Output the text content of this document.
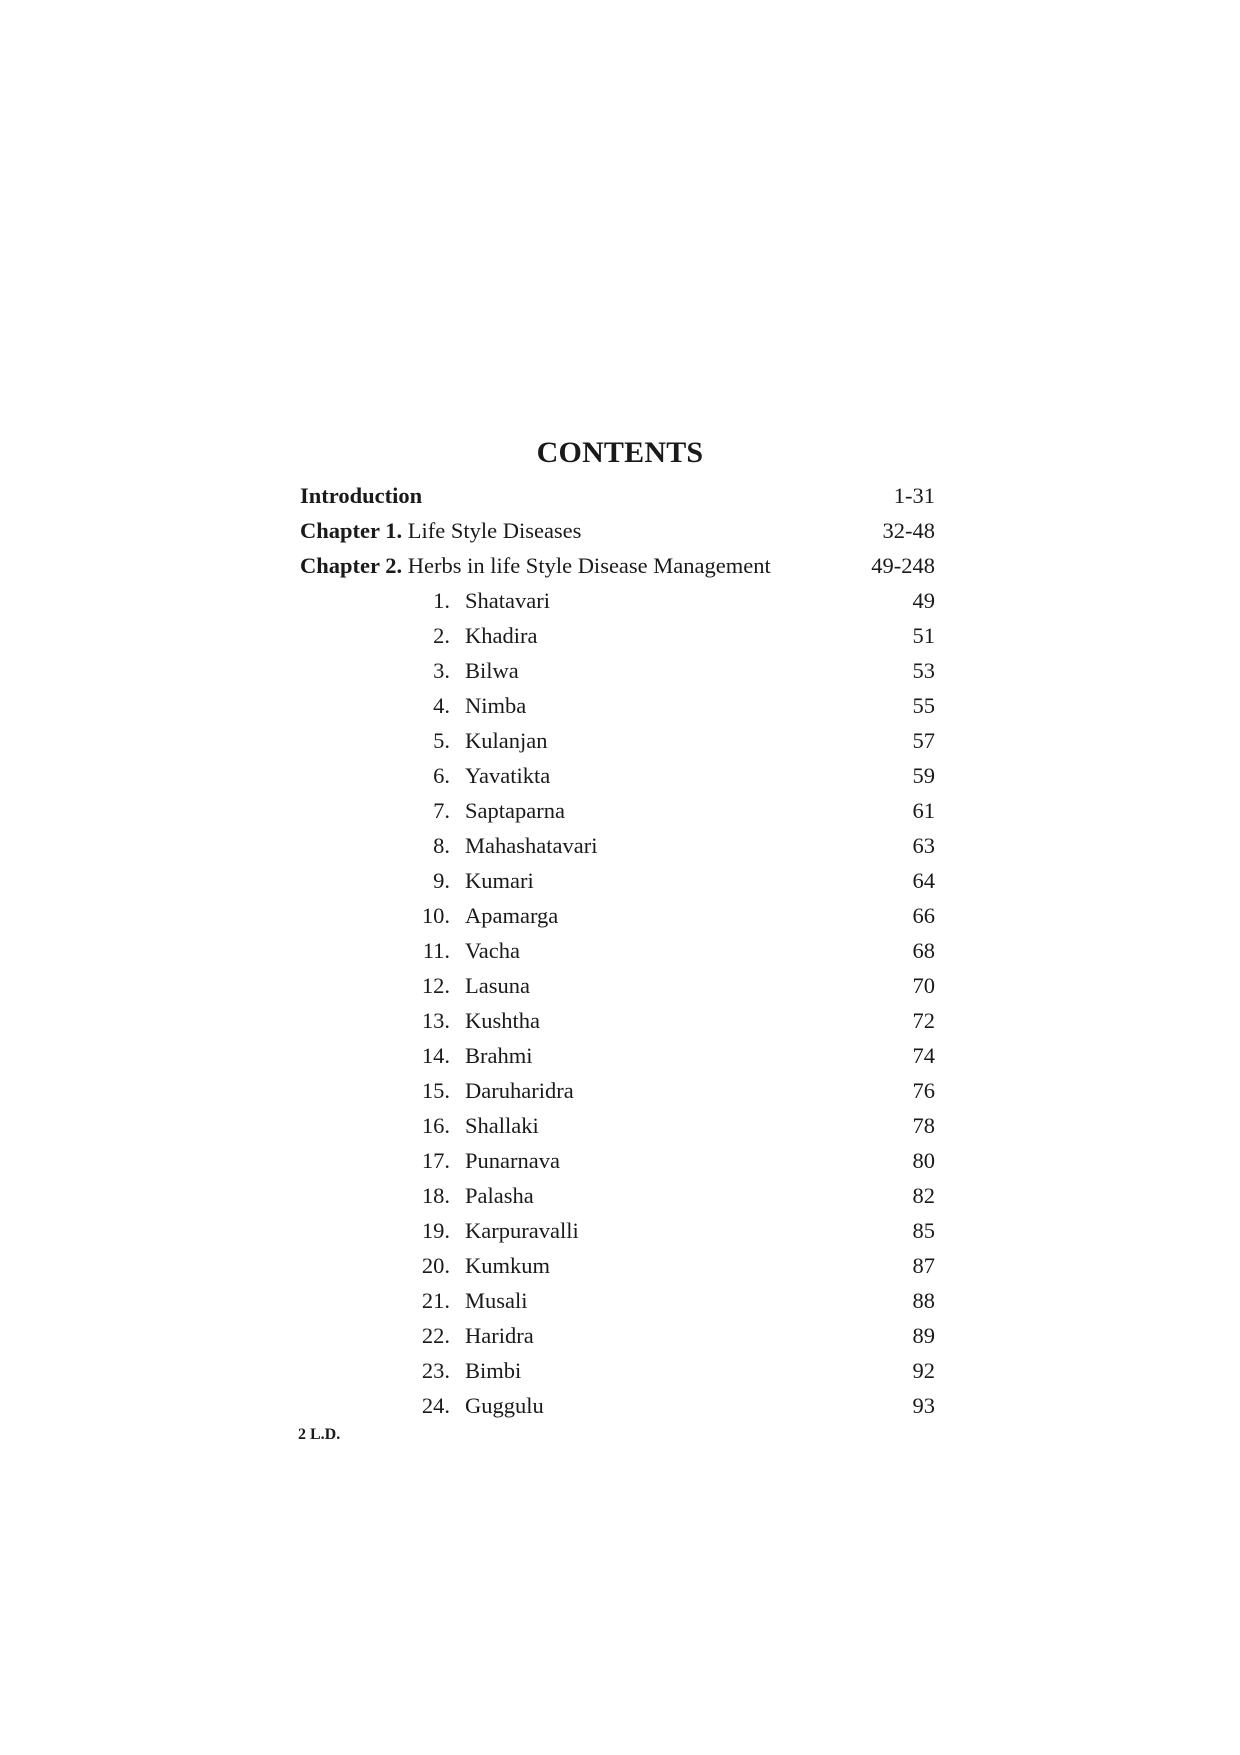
CONTENTS
Introduction	1-31
Chapter 1. Life Style Diseases	32-48
Chapter 2. Herbs in life Style Disease Management	49-248
1. Shatavari	49
2. Khadira	51
3. Bilwa	53
4. Nimba	55
5. Kulanjan	57
6. Yavatikta	59
7. Saptaparna	61
8. Mahashatavari	63
9. Kumari	64
10. Apamarga	66
11. Vacha	68
12. Lasuna	70
13. Kushtha	72
14. Brahmi	74
15. Daruharidra	76
16. Shallaki	78
17. Punarnava	80
18. Palasha	82
19. Karpuravalli	85
20. Kumkum	87
21. Musali	88
22. Haridra	89
23. Bimbi	92
24. Guggulu	93
2 L.D.
